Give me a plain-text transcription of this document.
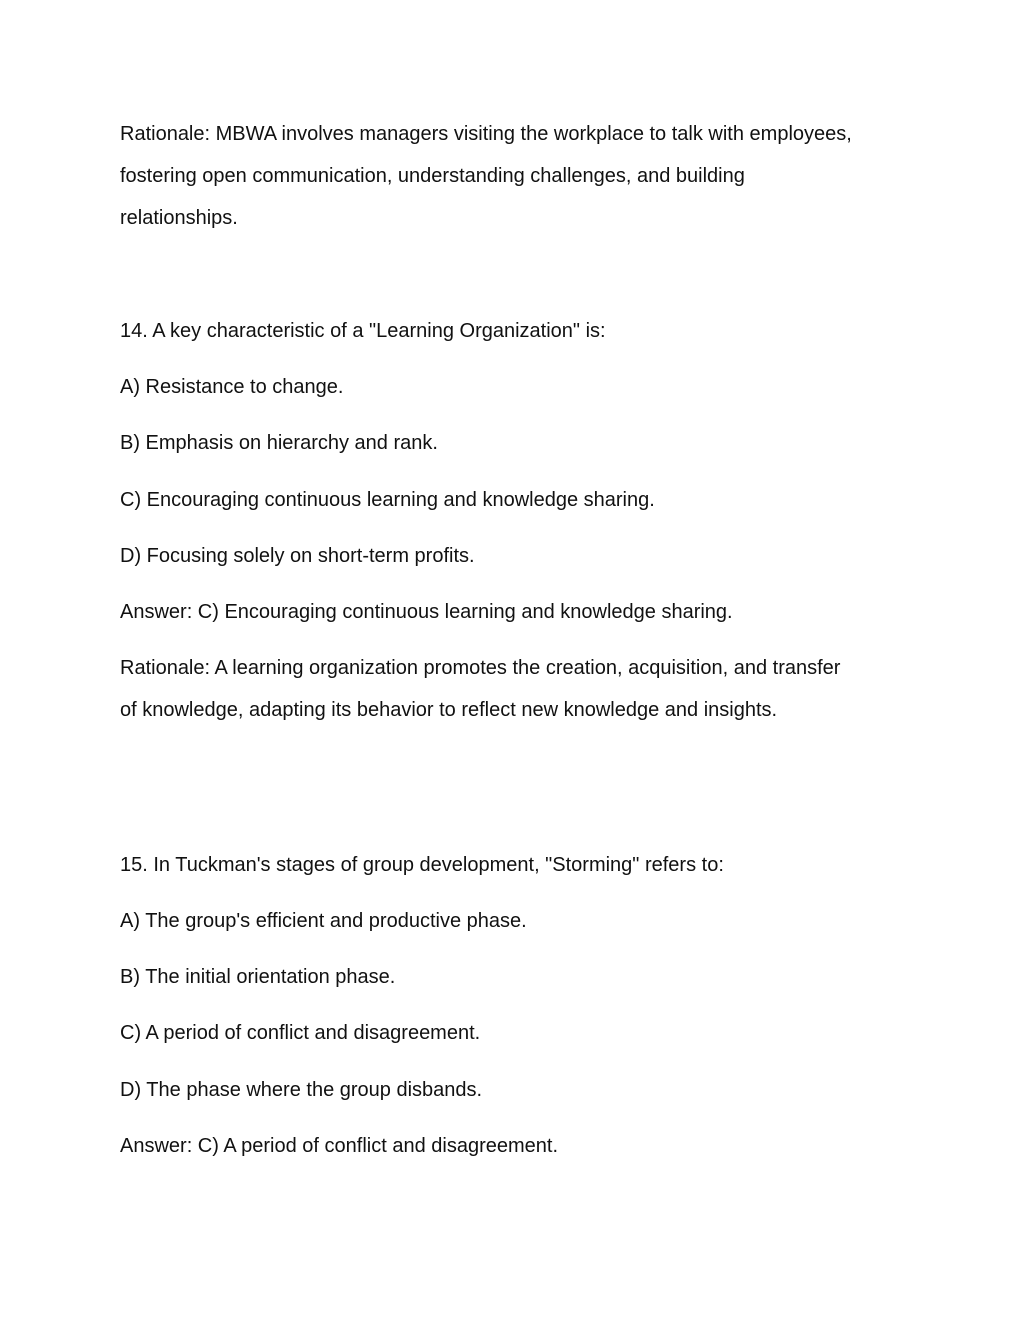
Rationale: MBWA involves managers visiting the workplace to talk with employees, fostering open communication, understanding challenges, and building relationships.

14. A key characteristic of a "Learning Organization" is:

A) Resistance to change.

B) Emphasis on hierarchy and rank.

C) Encouraging continuous learning and knowledge sharing.

D) Focusing solely on short-term profits.

Answer: C) Encouraging continuous learning and knowledge sharing.

Rationale: A learning organization promotes the creation, acquisition, and transfer of knowledge, adapting its behavior to reflect new knowledge and insights.

15. In Tuckman's stages of group development, "Storming" refers to:

A) The group's efficient and productive phase.

B) The initial orientation phase.

C) A period of conflict and disagreement.

D) The phase where the group disbands.

Answer: C) A period of conflict and disagreement.
